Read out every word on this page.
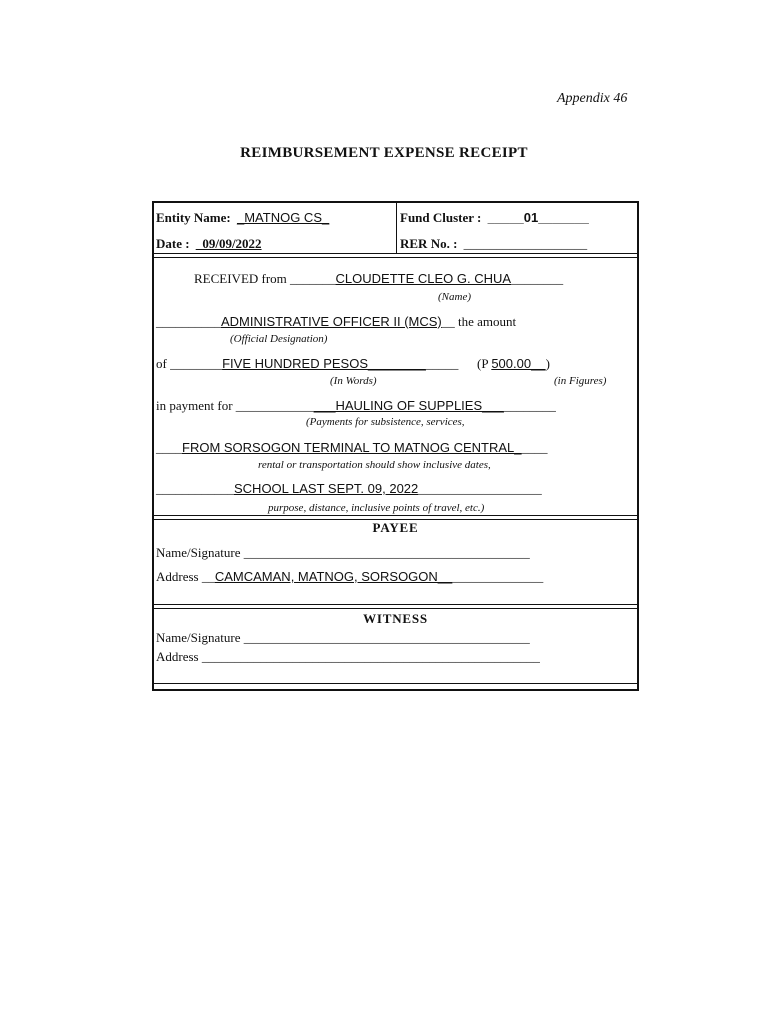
Appendix 46
REIMBURSEMENT EXPENSE RECEIPT
Entity Name: _MATNOG CS_	Fund Cluster : _____01_______
Date : _09/09/2022	RER No. : ___________________
RECEIVED from _______CLOUDETTE CLEO G. CHUA________
(Name)
__________ADMINISTRATIVE OFFICER II (MCS)__ the amount
(Official Designation)
of ________FIVE HUNDRED PESOS_____________ (P 500.00__)
(In Words)	(in Figures)
in payment for _______________HAULING OF SUPPLIES___________
(Payments for subsistence, services,
____FROM SORSOGON TERMINAL TO MATNOG CENTRAL_____
rental or transportation should show inclusive dates,
____________SCHOOL LAST SEPT. 09, 2022___________________
purpose, distance, inclusive points of travel, etc.)
PAYEE
Name/Signature ____________________________________________
Address __CAMCAMAN, MATNOG, SORSOGON________________
WITNESS
Name/Signature ____________________________________________
Address ____________________________________________________
